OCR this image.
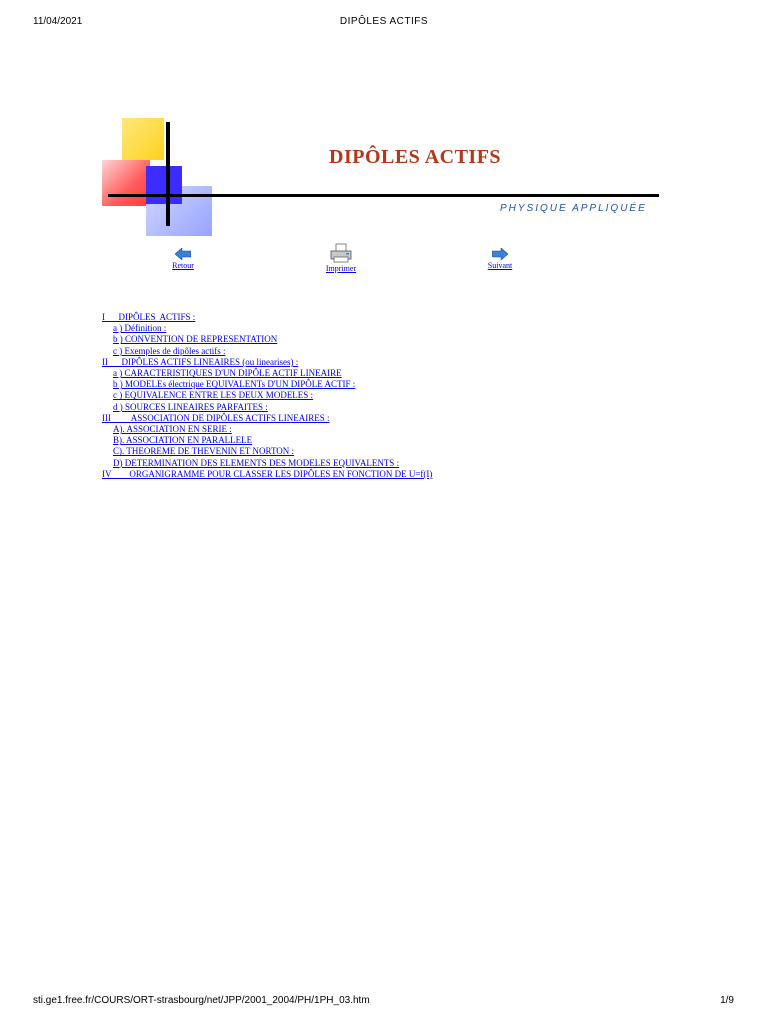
11/04/2021	DIPÔLES ACTIFS
DIPÔLES ACTIFS
PHYSIQUE APPLIQUÉE
Retour	Imprimer	Suivant
I      DIPÔLES  ACTIFS :
a ) Définition :
b ) CONVENTION DE REPRESENTATION
c ) Exemples de dipôles actifs :
II      DIPÔLES ACTIFS LINEAIRES (ou linearises) :
a ) CARACTERISTIQUES D'UN DIPÔLE ACTIF LINEAIRE
b ) MODELEs électrique EQUIVALENTs D'UN DIPÔLE ACTIF :
c ) EQUIVALENCE ENTRE LES DEUX MODELES :
d ) SOURCES LINEAIRES PARFAITES :
III         ASSOCIATION DE DIPÔLES ACTIFS LINEAIRES :
A). ASSOCIATION EN SERIE :
B). ASSOCIATION EN PARALLELE
C). THEOREME DE THEVENIN ET NORTON :
D) DETERMINATION DES ELEMENTS DES MODELES EQUIVALENTS :
IV        ORGANIGRAMME POUR CLASSER LES DIPÔLES EN FONCTION DE U=f(I)
sti.ge1.free.fr/COURS/ORT-strasbourg/net/JPP/2001_2004/PH/1PH_03.htm	1/9
